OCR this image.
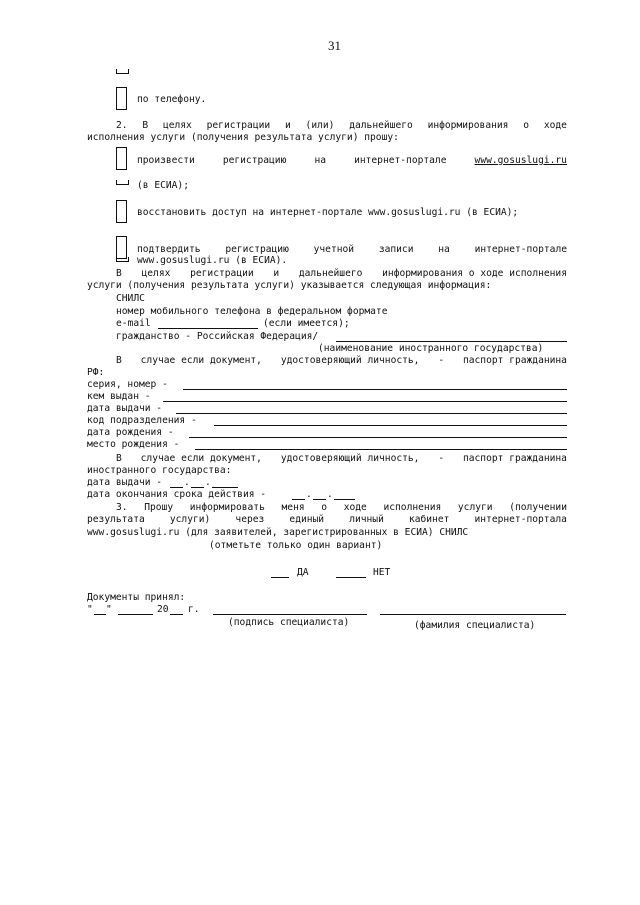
31
по телефону.
2. В целях регистрации и (или) дальнейшего информирования о ходе
исполнения услуги (получения результата услуги) прошу:
произвести	регистрацию	на	интернет-портале	www.gosuslugi.ru
(в ЕСИА);
восстановить доступ на интернет-портале www.gosuslugi.ru (в ЕСИА);
подтвердить	регистрацию	учетной	записи	на	интернет-портале
www.gosuslugi.ru (в ЕСИА).
В целях регистрации и дальнейшего информирования о ходе исполнения
услуги (получения результата услуги) указывается следующая информация:
СНИЛС
номер мобильного телефона в федеральном формате
e-mail	(если имеется);
гражданство - Российская Федерация/
(наименование иностранного государства)
В случае если документ, удостоверяющий личность, - паспорт гражданина
РФ:
серия, номер -
кем выдан -
дата выдачи -
код подразделения -
дата рождения -
место рождения -
В случае если документ, удостоверяющий личность, - паспорт гражданина
иностранного государства:
дата выдачи - . .
дата окончания срока действия -	. .
3. Прошу информировать меня о ходе исполнения услуги (получении
результата	услуги)	через	единый	личный	кабинет	интернет-портала
www.gosuslugi.ru (для заявителей, зарегистрированных в ЕСИА) СНИЛС
(отметьте только один вариант)
ДА	НЕТ
Документы принял:
" "	20 г.
(подпись специалиста)	(фамилия специалиста)
